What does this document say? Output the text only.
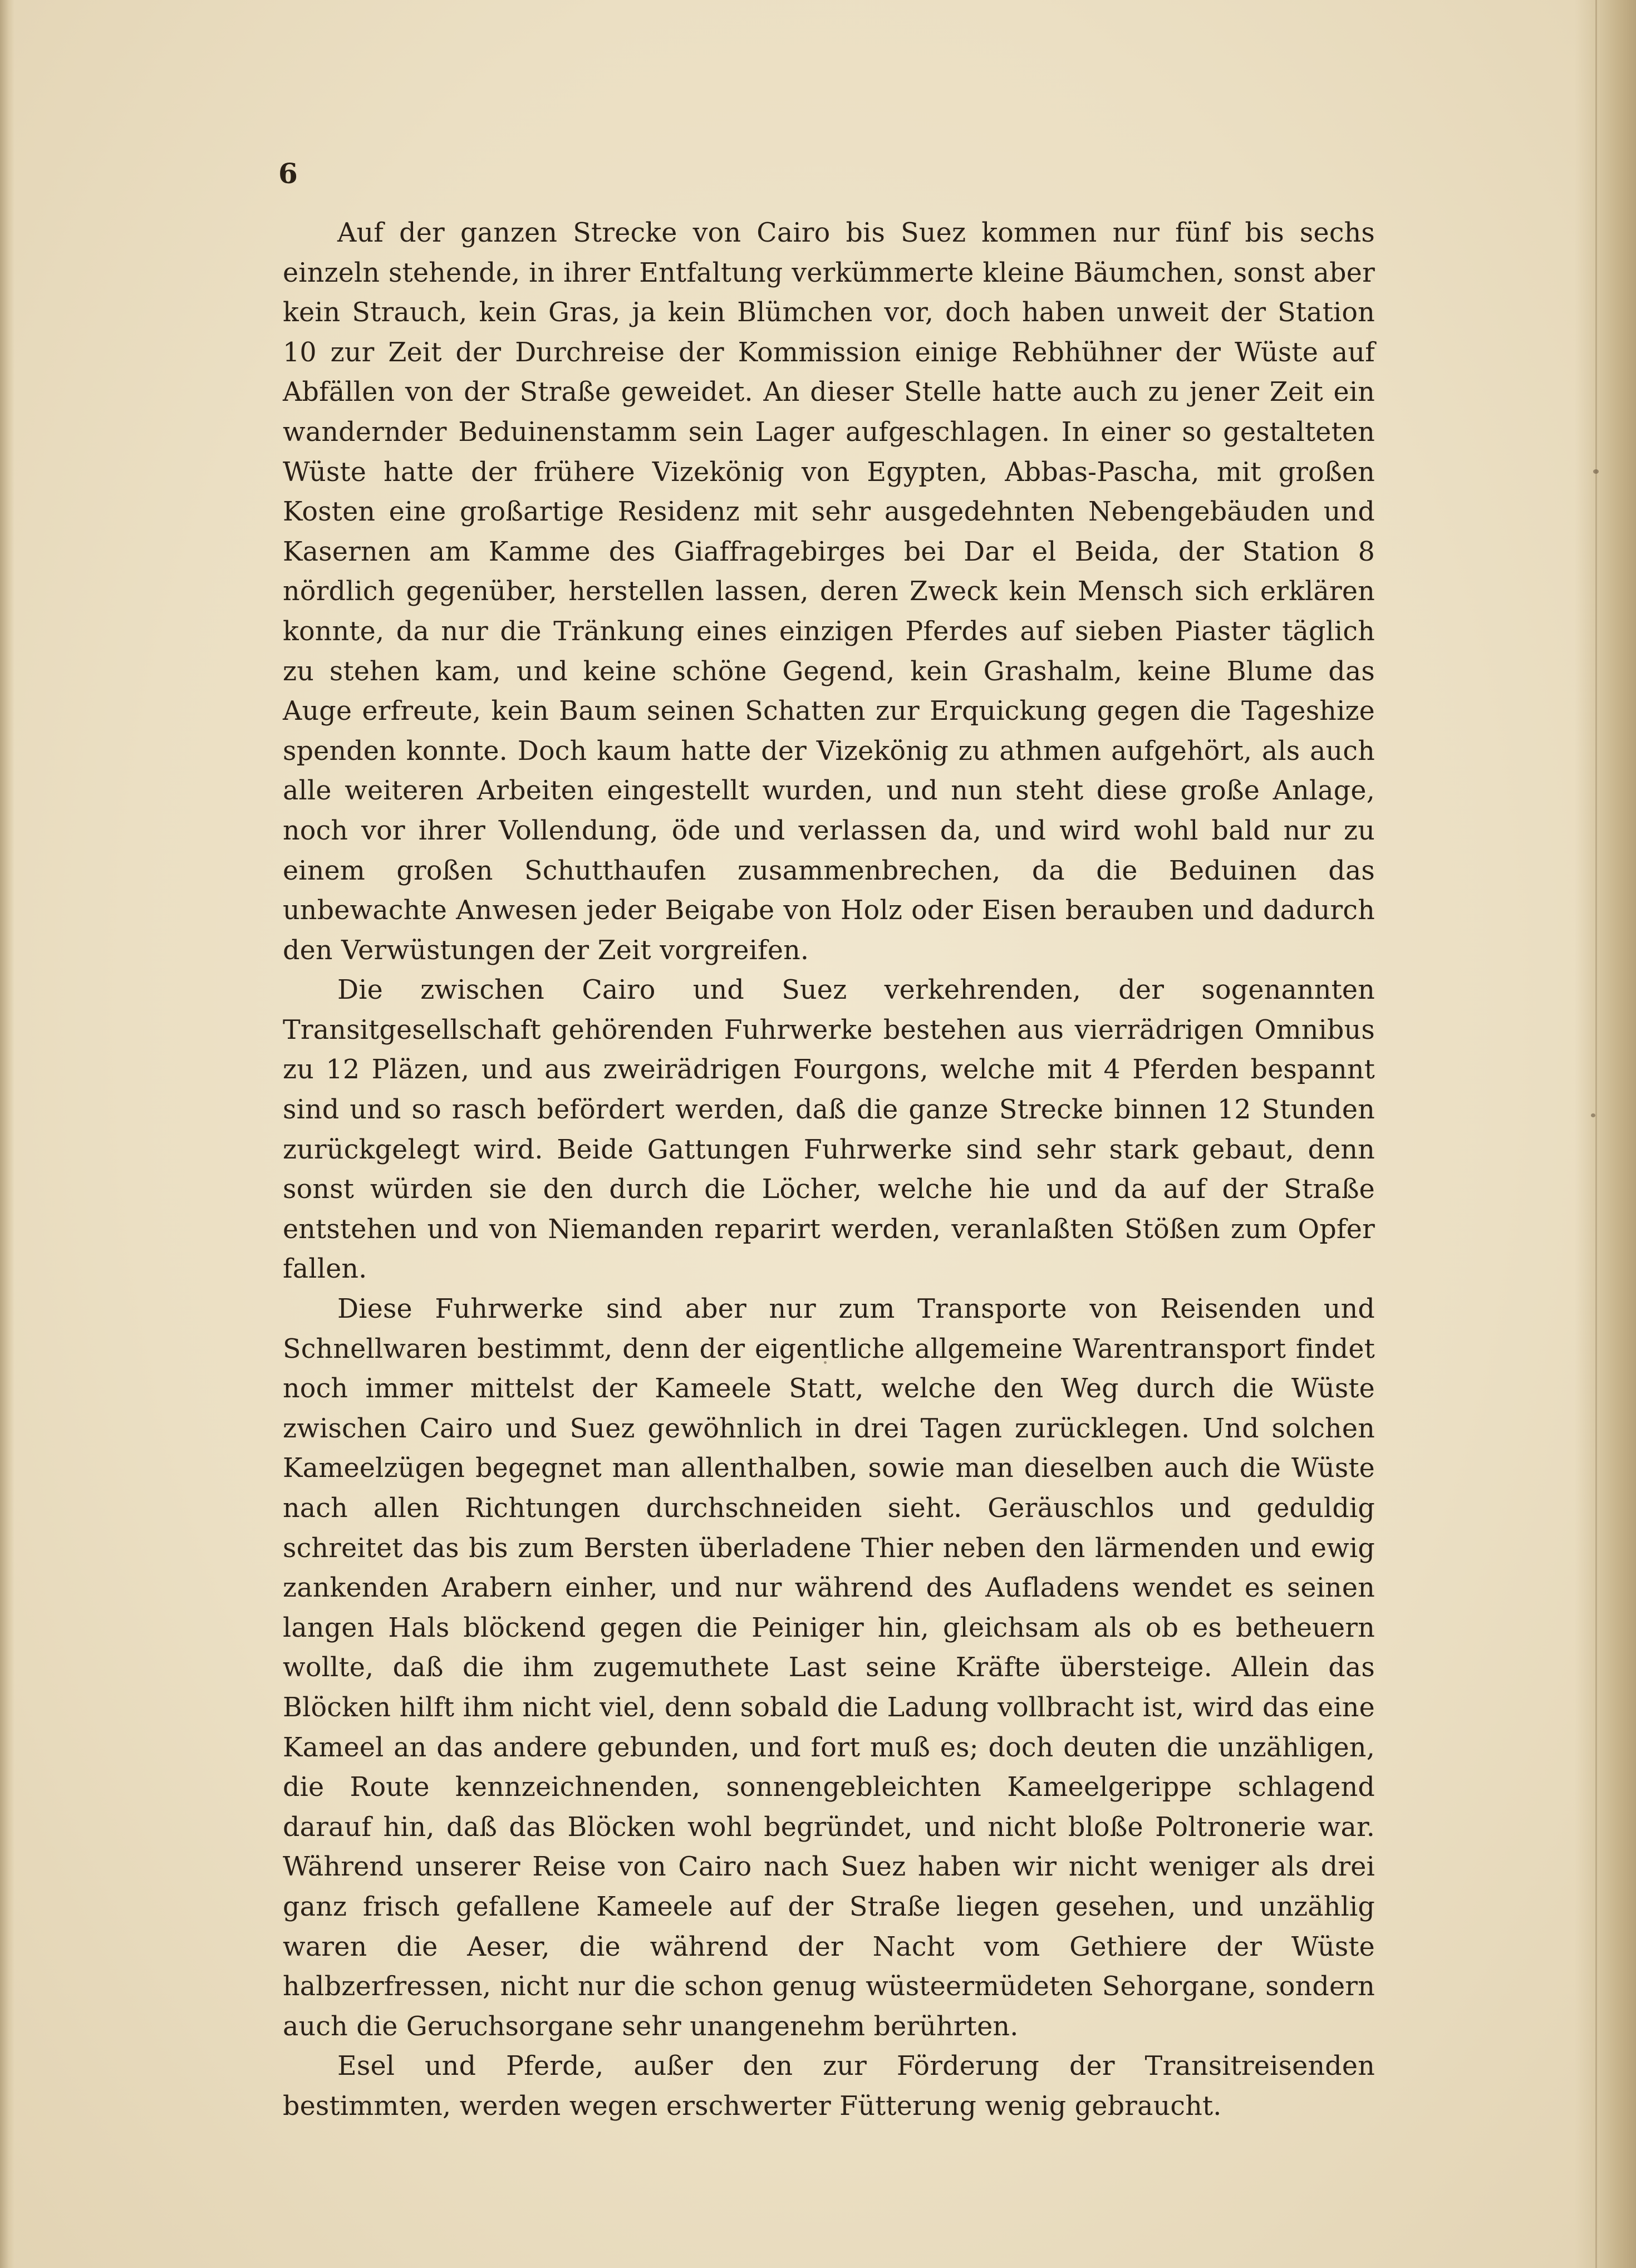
6

Auf der ganzen Strecke von Cairo bis Suez kommen nur fünf bis sechs einzeln stehende, in ihrer Entfaltung verkümmerte kleine Bäumchen, sonst aber kein Strauch, kein Gras, ja kein Blümchen vor, doch haben unweit der Station 10 zur Zeit der Durchreise der Kommission einige Rebhühner der Wüste auf Abfällen von der Straße geweidet. An dieser Stelle hatte auch zu jener Zeit ein wandernder Beduinenstamm sein Lager aufgeschlagen. In einer so gestalteten Wüste hatte der frühere Vizekönig von Egypten, Abbas-Pascha, mit großen Kosten eine großartige Residenz mit sehr ausgedehnten Nebengebäuden und Kasernen am Kamme des Giaffragebirges bei Dar el Beida, der Station 8 nördlich gegenüber, herstellen lassen, deren Zweck kein Mensch sich erklären konnte, da nur die Tränkung eines einzigen Pferdes auf sieben Piaster täglich zu stehen kam, und keine schöne Gegend, kein Grashalm, keine Blume das Auge erfreute, kein Baum seinen Schatten zur Erquickung gegen die Tageshize spenden konnte. Doch kaum hatte der Vizekönig zu athmen aufgehört, als auch alle weiteren Arbeiten eingestellt wurden, und nun steht diese große Anlage, noch vor ihrer Vollendung, öde und verlassen da, und wird wohl bald nur zu einem großen Schutthaufen zusammenbrechen, da die Beduinen das unbewachte Anwesen jeder Beigabe von Holz oder Eisen berauben und dadurch den Verwüstungen der Zeit vorgreifen.

Die zwischen Cairo und Suez verkehrenden, der sogenannten Transitgesellschaft gehörenden Fuhrwerke bestehen aus vierrädrigen Omnibus zu 12 Pläzen, und aus zweirädrigen Fourgons, welche mit 4 Pferden bespannt sind und so rasch befördert werden, daß die ganze Strecke binnen 12 Stunden zurückgelegt wird. Beide Gattungen Fuhrwerke sind sehr stark gebaut, denn sonst würden sie den durch die Löcher, welche hie und da auf der Straße entstehen und von Niemanden reparirt werden, veranlaßten Stößen zum Opfer fallen.

Diese Fuhrwerke sind aber nur zum Transporte von Reisenden und Schnellwaren bestimmt, denn der eigentliche allgemeine Warentransport findet noch immer mittelst der Kameele Statt, welche den Weg durch die Wüste zwischen Cairo und Suez gewöhnlich in drei Tagen zurücklegen. Und solchen Kameelzügen begegnet man allenthalben, sowie man dieselben auch die Wüste nach allen Richtungen durchschneiden sieht. Geräuschlos und geduldig schreitet das bis zum Bersten überladene Thier neben den lärmenden und ewig zankenden Arabern einher, und nur während des Aufladens wendet es seinen langen Hals blöckend gegen die Peiniger hin, gleichsam als ob es betheuern wollte, daß die ihm zugemuthete Last seine Kräfte übersteige. Allein das Blöcken hilft ihm nicht viel, denn sobald die Ladung vollbracht ist, wird das eine Kameel an das andere gebunden, und fort muß es; doch deuten die unzähligen, die Route kennzeichnenden, sonnengebleichten Kameelgerippe schlagend darauf hin, daß das Blöcken wohl begründet, und nicht bloße Poltronerie war. Während unserer Reise von Cairo nach Suez haben wir nicht weniger als drei ganz frisch gefallene Kameele auf der Straße liegen gesehen, und unzählig waren die Aeser, die während der Nacht vom Gethiere der Wüste halbzerfressen, nicht nur die schon genug wüsteermüdeten Sehorgane, sondern auch die Geruchsorgane sehr unangenehm berührten.

Esel und Pferde, außer den zur Förderung der Transitreisenden bestimmten, werden wegen erschwerter Fütterung wenig gebraucht.
